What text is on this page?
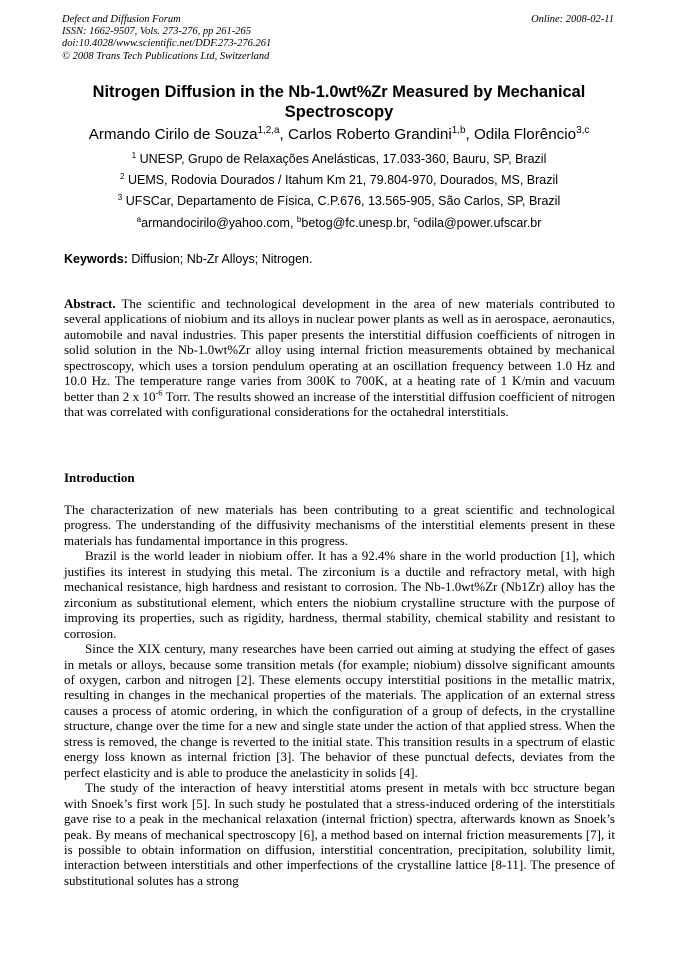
Defect and Diffusion Forum
ISSN: 1662-9507, Vols. 273-276, pp 261-265
doi:10.4028/www.scientific.net/DDF.273-276.261
© 2008 Trans Tech Publications Ltd, Switzerland
Online: 2008-02-11
Nitrogen Diffusion in the Nb-1.0wt%Zr Measured by Mechanical Spectroscopy
Armando Cirilo de Souza$^{1,2,a}$, Carlos Roberto Grandini$^{1,b}$, Odila Florêncio$^{3,c}$
$^1$ UNESP, Grupo de Relaxações Anelásticas, 17.033-360, Bauru, SP, Brazil
$^2$ UEMS, Rodovia Dourados / Itahum Km 21, 79.804-970, Dourados, MS, Brazil
$^3$ UFSCar, Departamento de Física, C.P.676, 13.565-905, São Carlos, SP, Brazil
$^a$armandocirilo@yahoo.com, $^b$betog@fc.unesp.br, $^c$odila@power.ufscar.br
Keywords: Diffusion; Nb-Zr Alloys; Nitrogen.
Abstract. The scientific and technological development in the area of new materials contributed to several applications of niobium and its alloys in nuclear power plants as well as in aerospace, aeronautics, automobile and naval industries. This paper presents the interstitial diffusion coefficients of nitrogen in solid solution in the Nb-1.0wt%Zr alloy using internal friction measurements obtained by mechanical spectroscopy, which uses a torsion pendulum operating at an oscillation frequency between 1.0 Hz and 10.0 Hz. The temperature range varies from 300K to 700K, at a heating rate of 1 K/min and vacuum better than 2 x $10^{-6}$ Torr. The results showed an increase of the interstitial diffusion coefficient of nitrogen that was correlated with configurational considerations for the octahedral interstitials.
Introduction

The characterization of new materials has been contributing to a great scientific and technological progress. The understanding of the diffusivity mechanisms of the interstitial elements present in these materials has fundamental importance in this progress.

Brazil is the world leader in niobium offer. It has a 92.4% share in the world production [1], which justifies its interest in studying this metal. The zirconium is a ductile and refractory metal, with high mechanical resistance, high hardness and resistant to corrosion. The Nb-1.0wt%Zr (Nb1Zr) alloy has the zirconium as substitutional element, which enters the niobium crystalline structure with the purpose of improving its properties, such as rigidity, hardness, thermal stability, chemical stability and resistant to corrosion.

Since the XIX century, many researches have been carried out aiming at studying the effect of gases in metals or alloys, because some transition metals (for example; niobium) dissolve significant amounts of oxygen, carbon and nitrogen [2]. These elements occupy interstitial positions in the metallic matrix, resulting in changes in the mechanical properties of the materials. The application of an external stress causes a process of atomic ordering, in which the configuration of a group of defects, in the crystalline structure, change over the time for a new and single state under the action of that applied stress. When the stress is removed, the change is reverted to the initial state. This transition results in a spectrum of elastic energy loss known as internal friction [3]. The behavior of these punctual defects, deviates from the perfect elasticity and is able to produce the anelasticity in solids [4].

The study of the interaction of heavy interstitial atoms present in metals with bcc structure began with Snoek’s first work [5]. In such study he postulated that a stress-induced ordering of the interstitials gave rise to a peak in the mechanical relaxation (internal friction) spectra, afterwards known as Snoek’s peak. By means of mechanical spectroscopy [6], a method based on internal friction measurements [7], it is possible to obtain information on diffusion, interstitial concentration, precipitation, solubility limit, interaction between interstitials and other imperfections of the crystalline lattice [8-11]. The presence of substitutional solutes has a strong
